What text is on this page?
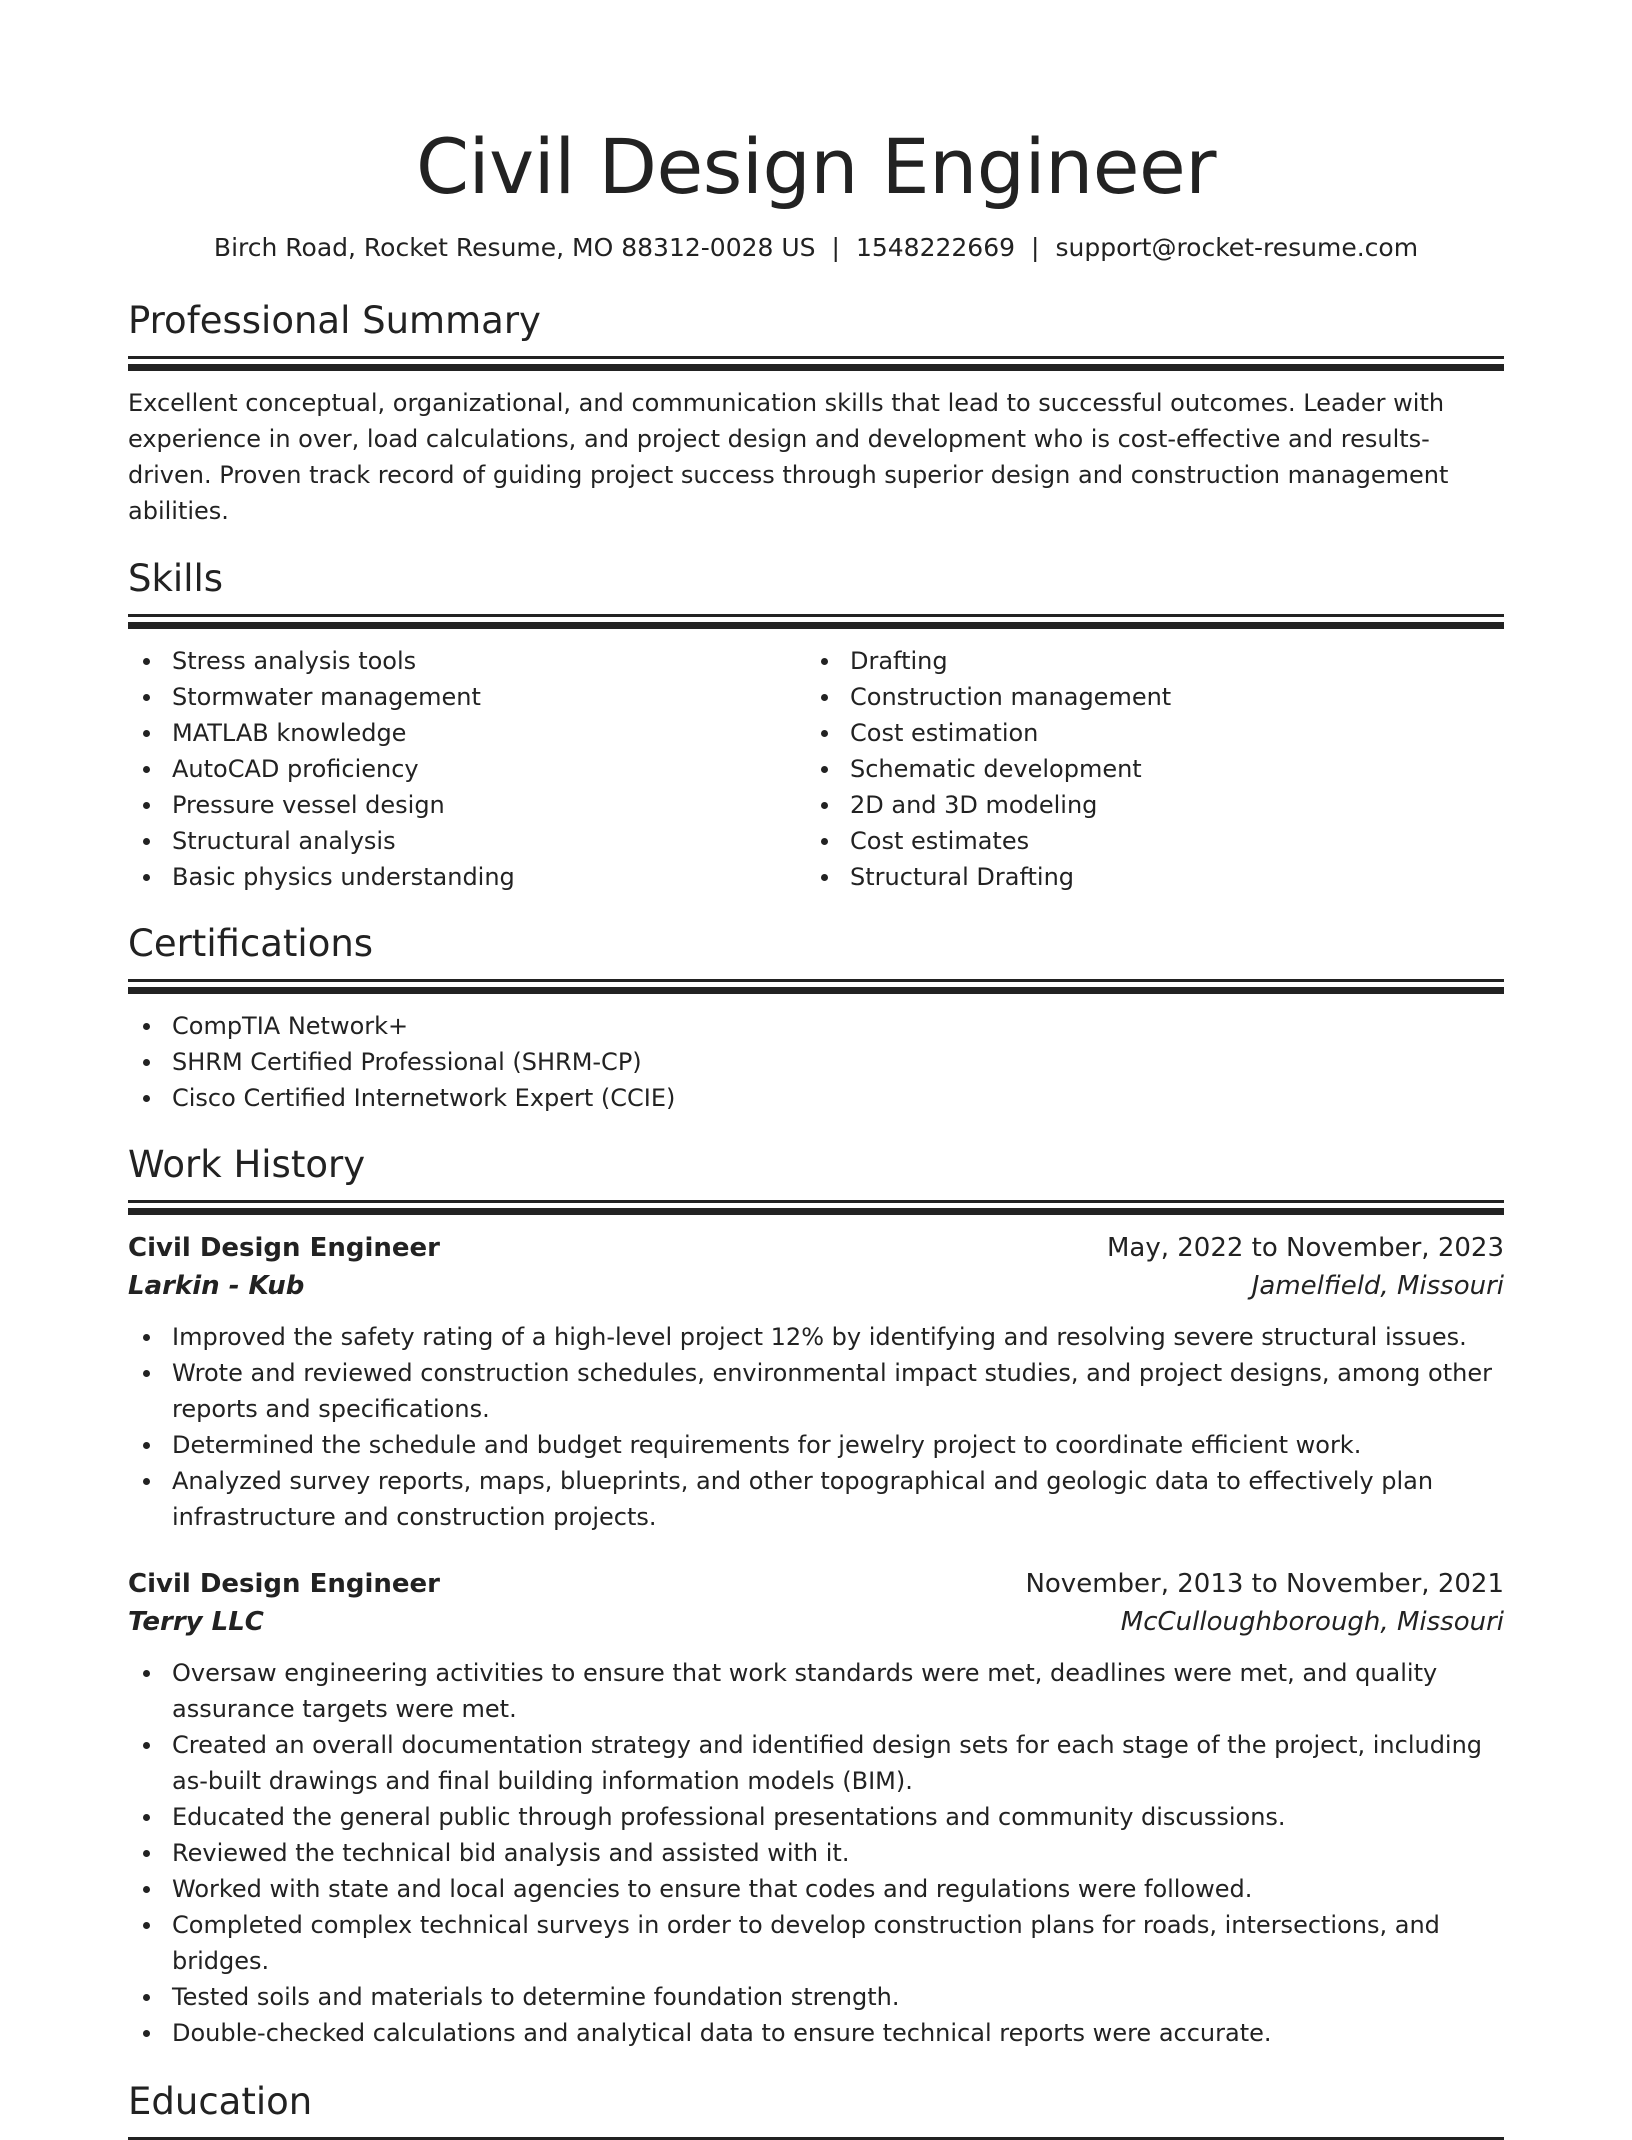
Civil Design Engineer
Birch Road, Rocket Resume, MO 88312-0028 US | 1548222669 | support@rocket-resume.com
Professional Summary
Excellent conceptual, organizational, and communication skills that lead to successful outcomes. Leader with experience in over, load calculations, and project design and development who is cost-effective and results-driven. Proven track record of guiding project success through superior design and construction management abilities.
Skills
Stress analysis tools
Stormwater management
MATLAB knowledge
AutoCAD proficiency
Pressure vessel design
Structural analysis
Basic physics understanding
Drafting
Construction management
Cost estimation
Schematic development
2D and 3D modeling
Cost estimates
Structural Drafting
Certifications
CompTIA Network+
SHRM Certified Professional (SHRM-CP)
Cisco Certified Internetwork Expert (CCIE)
Work History
Civil Design Engineer	May, 2022 to November, 2023
Larkin - Kub	Jamelfield, Missouri
Improved the safety rating of a high-level project 12% by identifying and resolving severe structural issues.
Wrote and reviewed construction schedules, environmental impact studies, and project designs, among other reports and specifications.
Determined the schedule and budget requirements for jewelry project to coordinate efficient work.
Analyzed survey reports, maps, blueprints, and other topographical and geologic data to effectively plan infrastructure and construction projects.
Civil Design Engineer	November, 2013 to November, 2021
Terry LLC	McCulloughborough, Missouri
Oversaw engineering activities to ensure that work standards were met, deadlines were met, and quality assurance targets were met.
Created an overall documentation strategy and identified design sets for each stage of the project, including as-built drawings and final building information models (BIM).
Educated the general public through professional presentations and community discussions.
Reviewed the technical bid analysis and assisted with it.
Worked with state and local agencies to ensure that codes and regulations were followed.
Completed complex technical surveys in order to develop construction plans for roads, intersections, and bridges.
Tested soils and materials to determine foundation strength.
Double-checked calculations and analytical data to ensure technical reports were accurate.
Education
